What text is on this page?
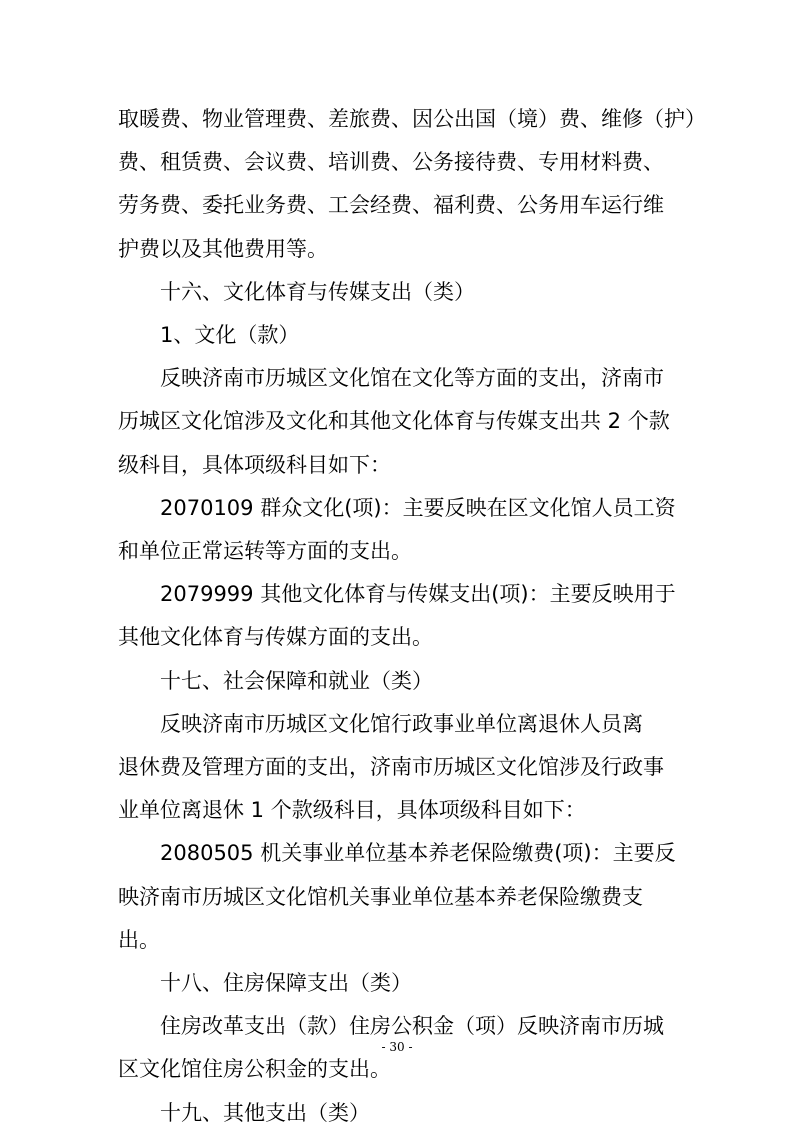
取暖费、物业管理费、差旅费、因公出国（境）费、维修（护）

费、租赁费、会议费、培训费、公务接待费、专用材料费、

劳务费、委托业务费、工会经费、福利费、公务用车运行维

护费以及其他费用等。

十六、文化体育与传媒支出（类）

1、文化（款）

反映济南市历城区文化馆在文化等方面的支出，济南市

历城区文化馆涉及文化和其他文化体育与传媒支出共 2 个款

级科目，具体项级科目如下：

2070109 群众文化(项)：主要反映在区文化馆人员工资

和单位正常运转等方面的支出。

2079999 其他文化体育与传媒支出(项)：主要反映用于

其他文化体育与传媒方面的支出。

十七、社会保障和就业（类）

反映济南市历城区文化馆行政事业单位离退休人员离

退休费及管理方面的支出，济南市历城区文化馆涉及行政事

业单位离退休 1 个款级科目，具体项级科目如下：

2080505 机关事业单位基本养老保险缴费(项)：主要反

映济南市历城区文化馆机关事业单位基本养老保险缴费支

出。

十八、住房保障支出（类）

住房改革支出（款）住房公积金（项）反映济南市历城

区文化馆住房公积金的支出。

十九、其他支出（类）

- 30 -
